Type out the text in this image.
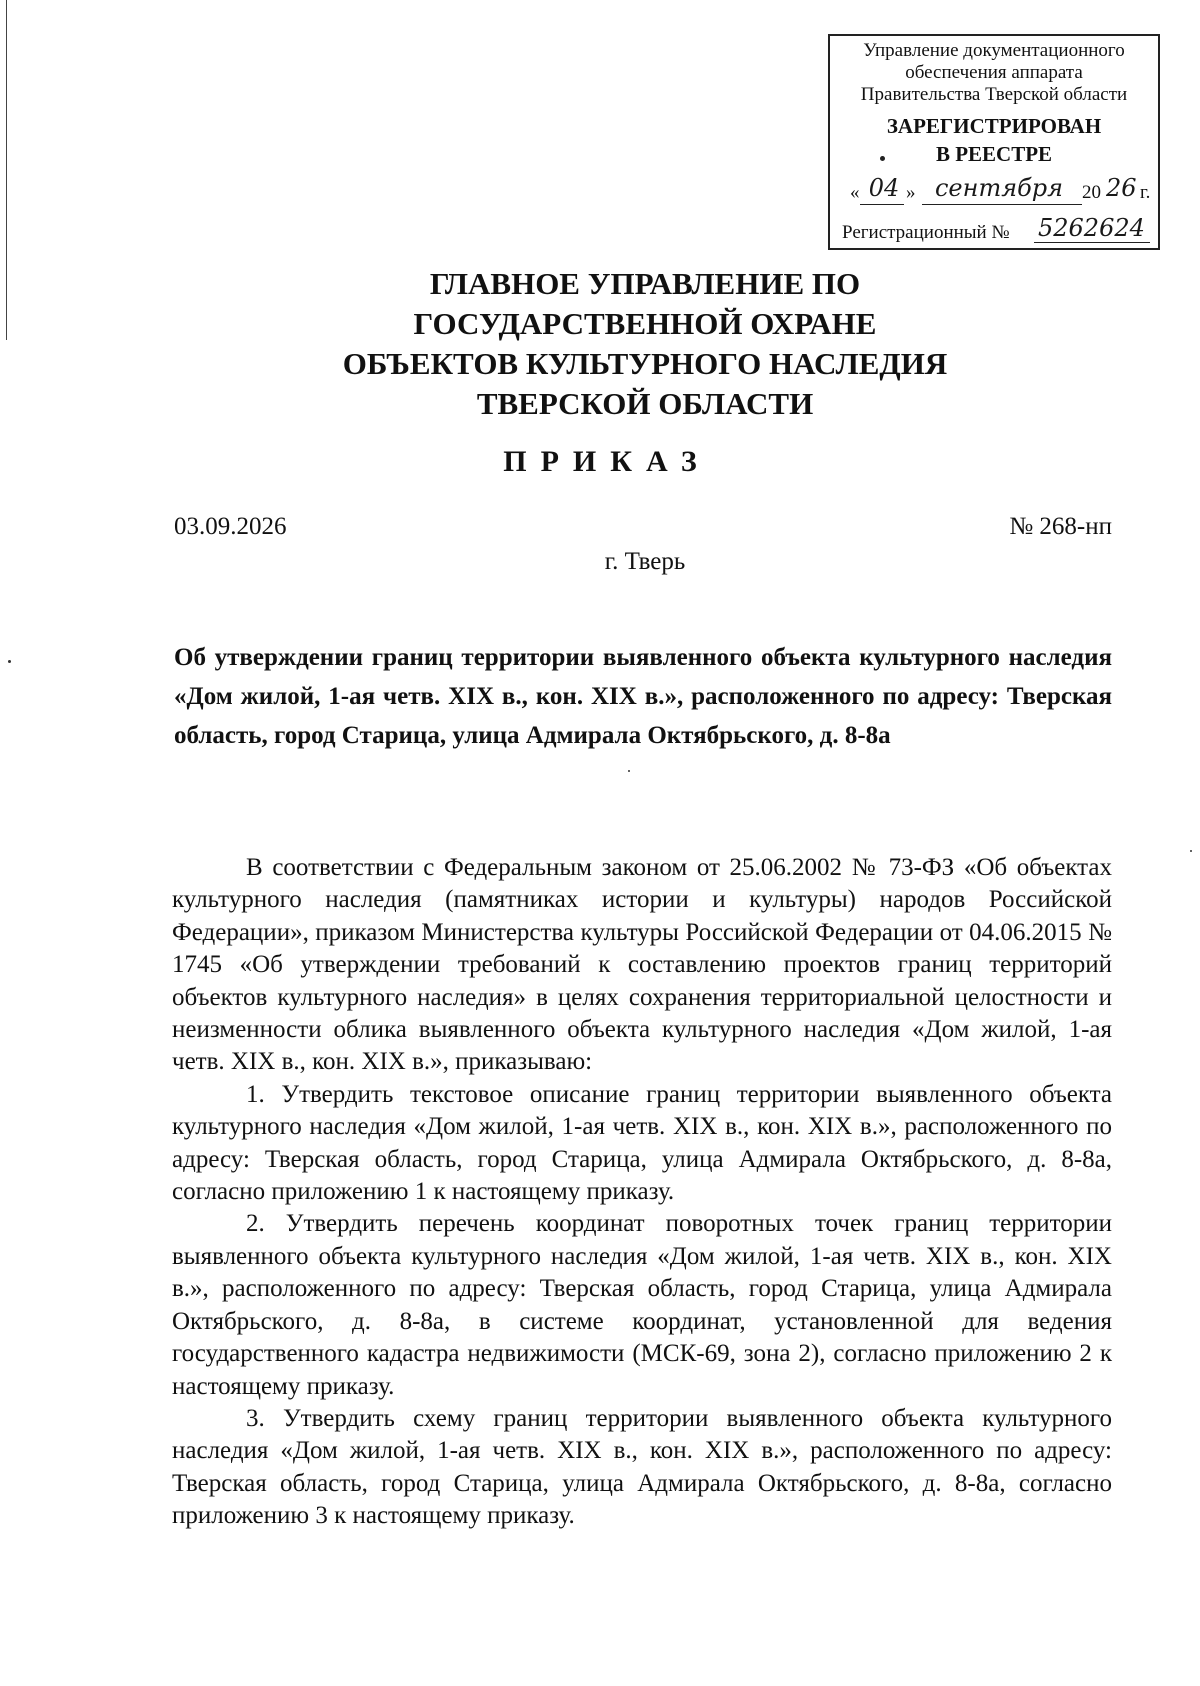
Управление документационного
обеспечения аппарата
Правительства Тверской области
ЗАРЕГИСТРИРОВАН
В РЕЕСТРЕ
« 04 » сентября	20 26 г.
Регистрационный № 5262624
ГЛАВНОЕ УПРАВЛЕНИЕ ПО
ГОСУДАРСТВЕННОЙ ОХРАНЕ
ОБЪЕКТОВ КУЛЬТУРНОГО НАСЛЕДИЯ
ТВЕРСКОЙ ОБЛАСТИ
ПРИКАЗ
03.09.2026	№ 268-нп
г. Тверь
Об утверждении границ территории выявленного объекта культурного наследия «Дом жилой, 1-ая четв. XIX в., кон. XIX в.», расположенного по адресу: Тверская область, город Старица, улица Адмирала Октябрьского, д. 8-8а

В соответствии с Федеральным законом от 25.06.2002 № 73-ФЗ «Об объектах культурного наследия (памятниках истории и культуры) народов Российской Федерации», приказом Министерства культуры Российской Федерации от 04.06.2015 № 1745 «Об утверждении требований к составлению проектов границ территорий объектов культурного наследия» в целях сохранения территориальной целостности и неизменности облика выявленного объекта культурного наследия «Дом жилой, 1-ая четв. XIX в., кон. XIX в.», приказываю:

1. Утвердить текстовое описание границ территории выявленного объекта культурного наследия «Дом жилой, 1-ая четв. XIX в., кон. XIX в.», расположенного по адресу: Тверская область, город Старица, улица Адмирала Октябрьского, д. 8-8а, согласно приложению 1 к настоящему приказу.

2. Утвердить перечень координат поворотных точек границ территории выявленного объекта культурного наследия «Дом жилой, 1-ая четв. XIX в., кон. XIX в.», расположенного по адресу: Тверская область, город Старица, улица Адмирала Октябрьского, д. 8-8а, в системе координат, установленной для ведения государственного кадастра недвижимости (МСК-69, зона 2), согласно приложению 2 к настоящему приказу.

3. Утвердить схему границ территории выявленного объекта культурного наследия «Дом жилой, 1-ая четв. XIX в., кон. XIX в.», расположенного по адресу: Тверская область, город Старица, улица Адмирала Октябрьского, д. 8-8а, согласно приложению 3 к настоящему приказу.
